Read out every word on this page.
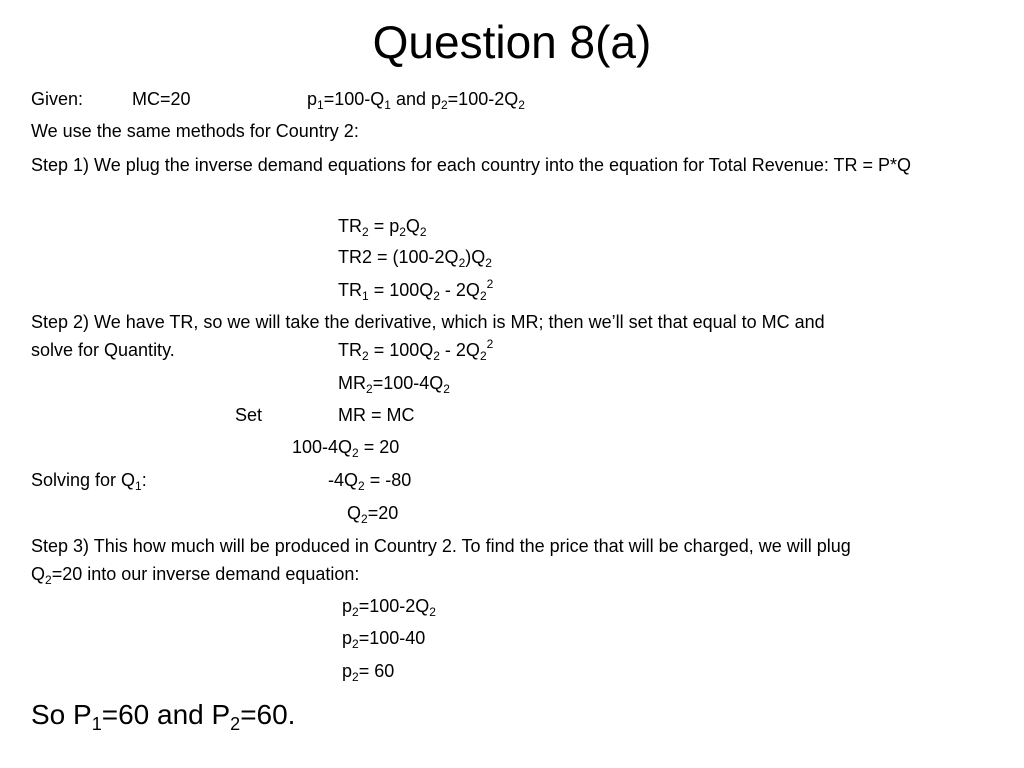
Question 8(a)
Given:	MC=20	$p_1=100-Q_1$ and $p_2=100-2Q_2$
We use the same methods for Country 2:
Step 1) We plug the inverse demand equations for each country into the equation for Total Revenue: TR = P*Q
$TR_2 = p_2Q_2$
$TR2 = (100-2Q_2)Q_2$
$TR_1 = 100Q_2 - 2Q_2^2$
Step 2) We have TR, so we will take the derivative, which is MR; then we’ll set that equal to MC and
solve for Quantity.	$TR_2 = 100Q_2 - 2Q_2^2$
$MR_2=100-4Q_2$
Set	MR = MC
$100-4Q_2 = 20$
Solving for $Q_1$:	$-4Q_2 = -80$
$Q_2=20$
Step 3) This how much will be produced in Country 2. To find the price that will be charged, we will plug
$Q_2=20$ into our inverse demand equation:
$p_2=100-2Q_2$
$p_2=100-40$
$p_2= 60$
So $P_1=60$ and $P_2=60$.
